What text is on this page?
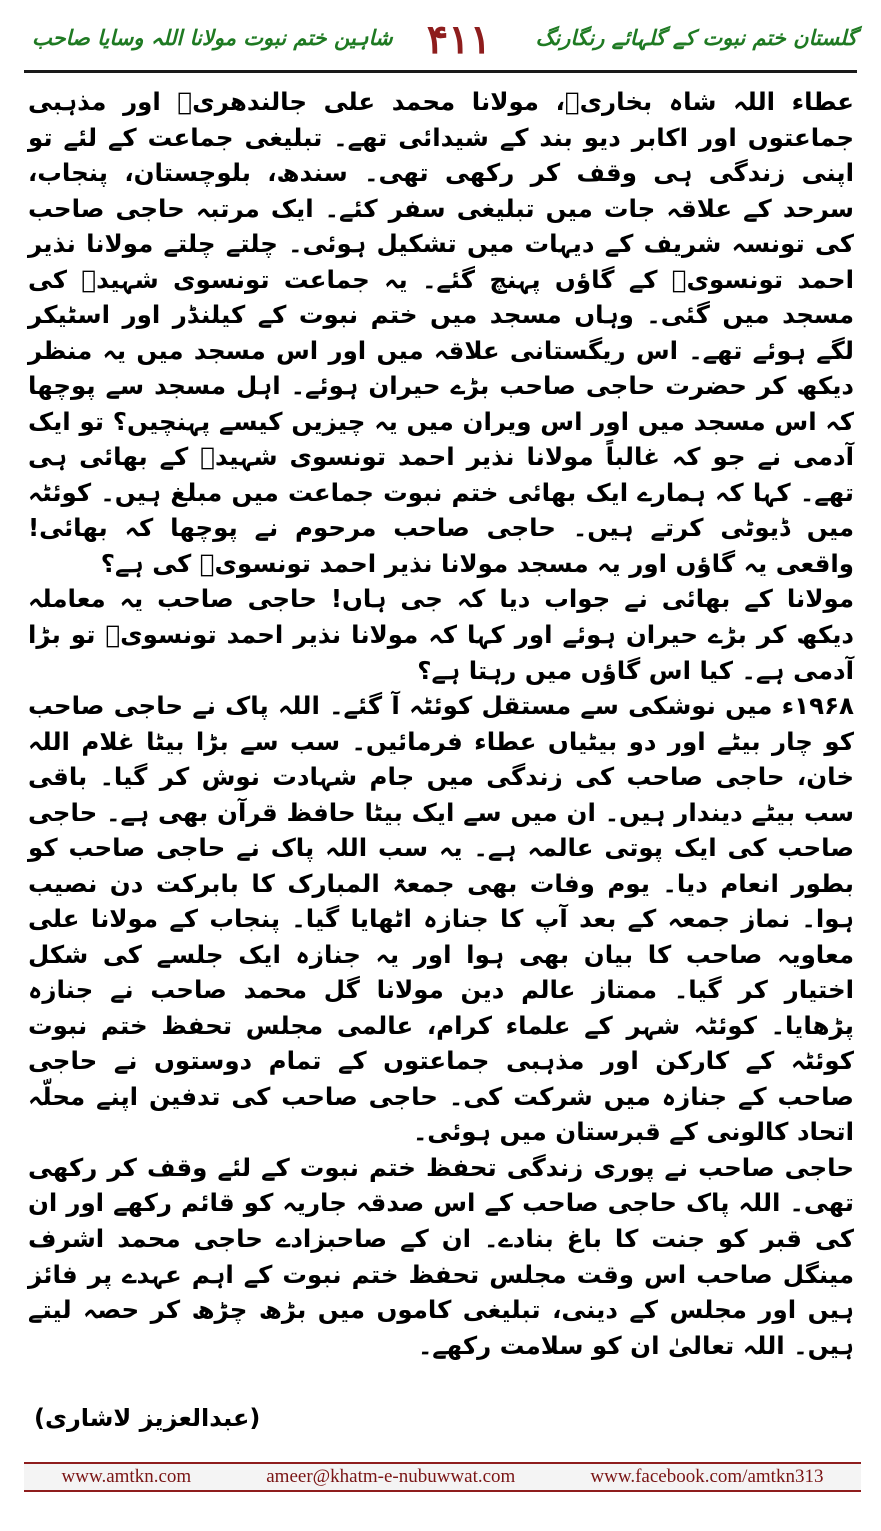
گلستان ختم نبوت کے گلہائے رنگارنگ
۴۱۱
شاہین ختم نبوت مولانا اللہ وسایا صاحب

عطاء اللہ شاہ بخاریؒ، مولانا محمد علی جالندھریؒ اور مذہبی جماعتوں اور اکابر دیو بند کے شیدائی تھے۔ تبلیغی جماعت کے لئے تو اپنی زندگی ہی وقف کر رکھی تھی۔ سندھ، بلوچستان، پنجاب، سرحد کے علاقہ جات میں تبلیغی سفر کئے۔ ایک مرتبہ حاجی صاحب کی تونسہ شریف کے دیہات میں تشکیل ہوئی۔ چلتے چلتے مولانا نذیر احمد تونسویؒ کے گاؤں پہنچ گئے۔ یہ جماعت تونسوی شہیدؒ کی مسجد میں گئی۔ وہاں مسجد میں ختم نبوت کے کیلنڈر اور اسٹیکر لگے ہوئے تھے۔ اس ریگستانی علاقہ میں اور اس مسجد میں یہ منظر دیکھ کر حضرت حاجی صاحب بڑے حیران ہوئے۔ اہل مسجد سے پوچھا کہ اس مسجد میں اور اس ویران میں یہ چیزیں کیسے پہنچیں؟ تو ایک آدمی نے جو کہ غالباً مولانا نذیر احمد تونسوی شہیدؒ کے بھائی ہی تھے۔ کہا کہ ہمارے ایک بھائی ختم نبوت جماعت میں مبلغ ہیں۔ کوئٹہ میں ڈیوٹی کرتے ہیں۔ حاجی صاحب مرحوم نے پوچھا کہ بھائی! واقعی یہ گاؤں اور یہ مسجد مولانا نذیر احمد تونسویؒ کی ہے؟

مولانا کے بھائی نے جواب دیا کہ جی ہاں! حاجی صاحب یہ معاملہ دیکھ کر بڑے حیران ہوئے اور کہا کہ مولانا نذیر احمد تونسویؒ تو بڑا آدمی ہے۔ کیا اس گاؤں میں رہتا ہے؟

۱۹۶۸ء میں نوشکی سے مستقل کوئٹہ آ گئے۔ اللہ پاک نے حاجی صاحب کو چار بیٹے اور دو بیٹیاں عطاء فرمائیں۔ سب سے بڑا بیٹا غلام اللہ خان، حاجی صاحب کی زندگی میں جام شہادت نوش کر گیا۔ باقی سب بیٹے دیندار ہیں۔ ان میں سے ایک بیٹا حافظ قرآن بھی ہے۔ حاجی صاحب کی ایک پوتی عالمہ ہے۔ یہ سب اللہ پاک نے حاجی صاحب کو بطور انعام دیا۔ یوم وفات بھی جمعۃ المبارک کا بابرکت دن نصیب ہوا۔ نماز جمعہ کے بعد آپ کا جنازہ اٹھایا گیا۔ پنجاب کے مولانا علی معاویہ صاحب کا بیان بھی ہوا اور یہ جنازہ ایک جلسے کی شکل اختیار کر گیا۔ ممتاز عالم دین مولانا گل محمد صاحب نے جنازہ پڑھایا۔ کوئٹہ شہر کے علماء کرام، عالمی مجلس تحفظ ختم نبوت کوئٹہ کے کارکن اور مذہبی جماعتوں کے تمام دوستوں نے حاجی صاحب کے جنازہ میں شرکت کی۔ حاجی صاحب کی تدفین اپنے محلّہ اتحاد کالونی کے قبرستان میں ہوئی۔

حاجی صاحب نے پوری زندگی تحفظ ختم نبوت کے لئے وقف کر رکھی تھی۔ اللہ پاک حاجی صاحب کے اس صدقہ جاریہ کو قائم رکھے اور ان کی قبر کو جنت کا باغ بنادے۔ ان کے صاحبزادے حاجی محمد اشرف مینگل صاحب اس وقت مجلس تحفظ ختم نبوت کے اہم عہدے پر فائز ہیں اور مجلس کے دینی، تبلیغی کاموں میں بڑھ چڑھ کر حصہ لیتے ہیں۔ اللہ تعالیٰ ان کو سلامت رکھے۔

(عبدالعزیز لاشاری)
www.amtkn.com	ameer@khatm-e-nubuwwat.com	www.facebook.com/amtkn313
